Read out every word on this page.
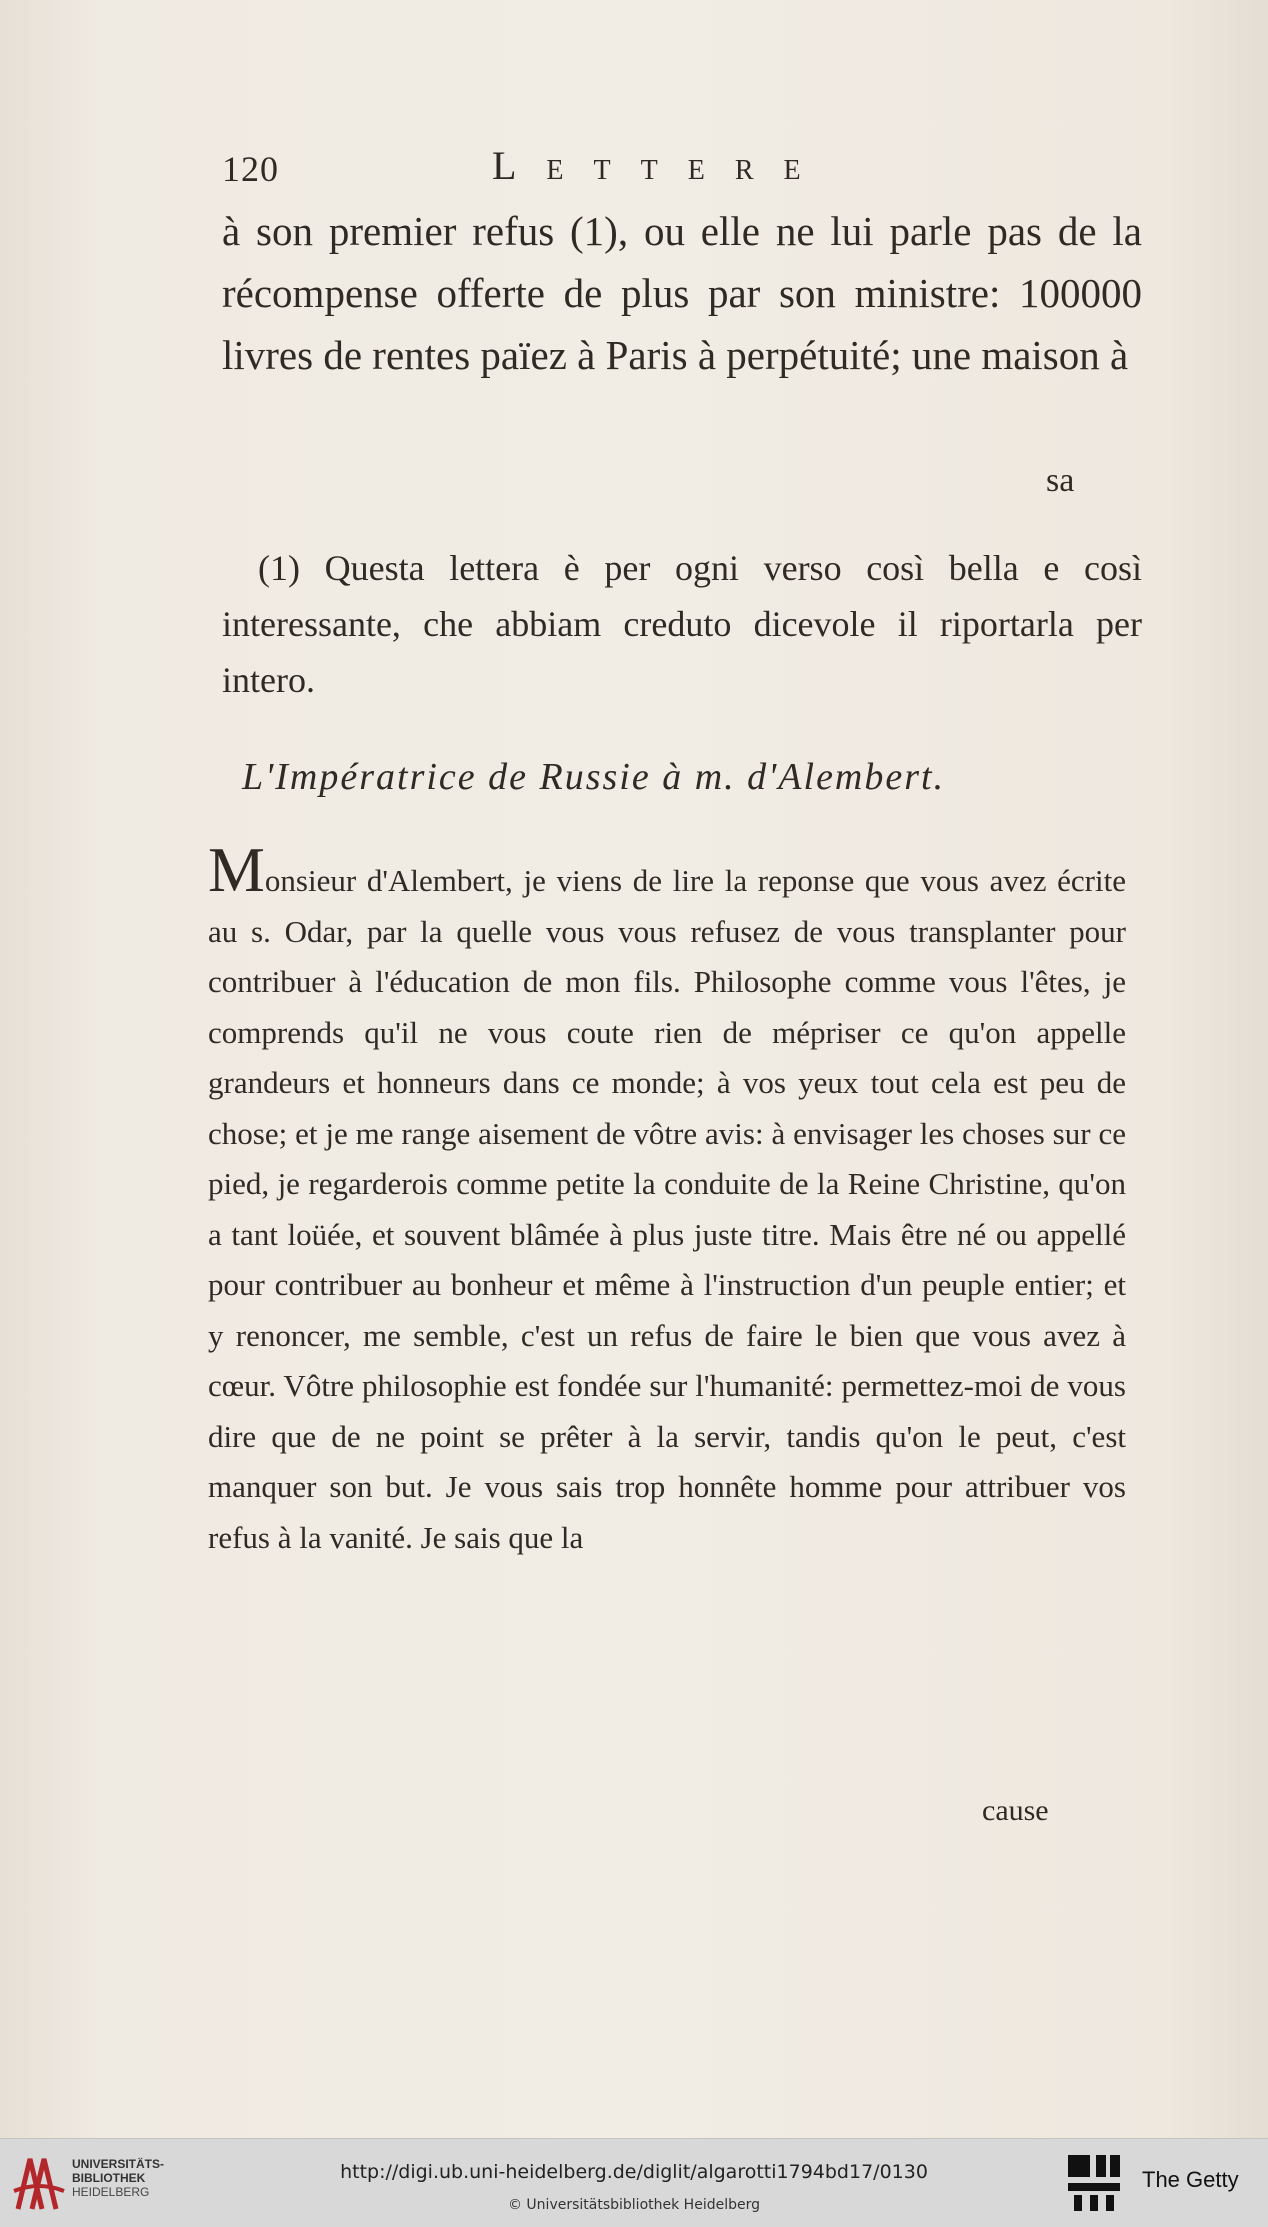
120	Lettere

à son premier refus (1), ou elle ne lui parle pas de la récompense offerte de plus par son ministre: 100000 livres de rentes païez à Paris à perpétuité; une maison à

sa

(1) Questa lettera è per ogni verso così bella e così interessante, che abbiam creduto dicevole il riportarla per intero.

L'Impératrice de Russie à m. d'Alembert.

Monsieur d'Alembert, je viens de lire la reponse que vous avez écrite au s. Odar, par la quelle vous vous refusez de vous transplanter pour contribuer à l'éducation de mon fils. Philosophe comme vous l'êtes, je comprends qu'il ne vous coute rien de mépriser ce qu'on appelle grandeurs et honneurs dans ce monde; à vos yeux tout cela est peu de chose; et je me range aisement de vôtre avis: à envisager les choses sur ce pied, je regarderois comme petite la conduite de la Reine Christine, qu'on a tant loüée, et souvent blâmée à plus juste titre. Mais être né ou appellé pour contribuer au bonheur et même à l'instruction d'un peuple entier; et y renoncer, me semble, c'est un refus de faire le bien que vous avez à cœur. Vôtre philosophie est fondée sur l'humanité: permettez-moi de vous dire que de ne point se prêter à la servir, tandis qu'on le peut, c'est manquer son but. Je vous sais trop honnête homme pour attribuer vos refus à la vanité. Je sais que la

cause
UNIVERSITÄTS-
BIBLIOTHEK
HEIDELBERG
http://digi.ub.uni-heidelberg.de/diglit/algarotti1794bd17/0130
© Universitätsbibliothek Heidelberg
The Getty
